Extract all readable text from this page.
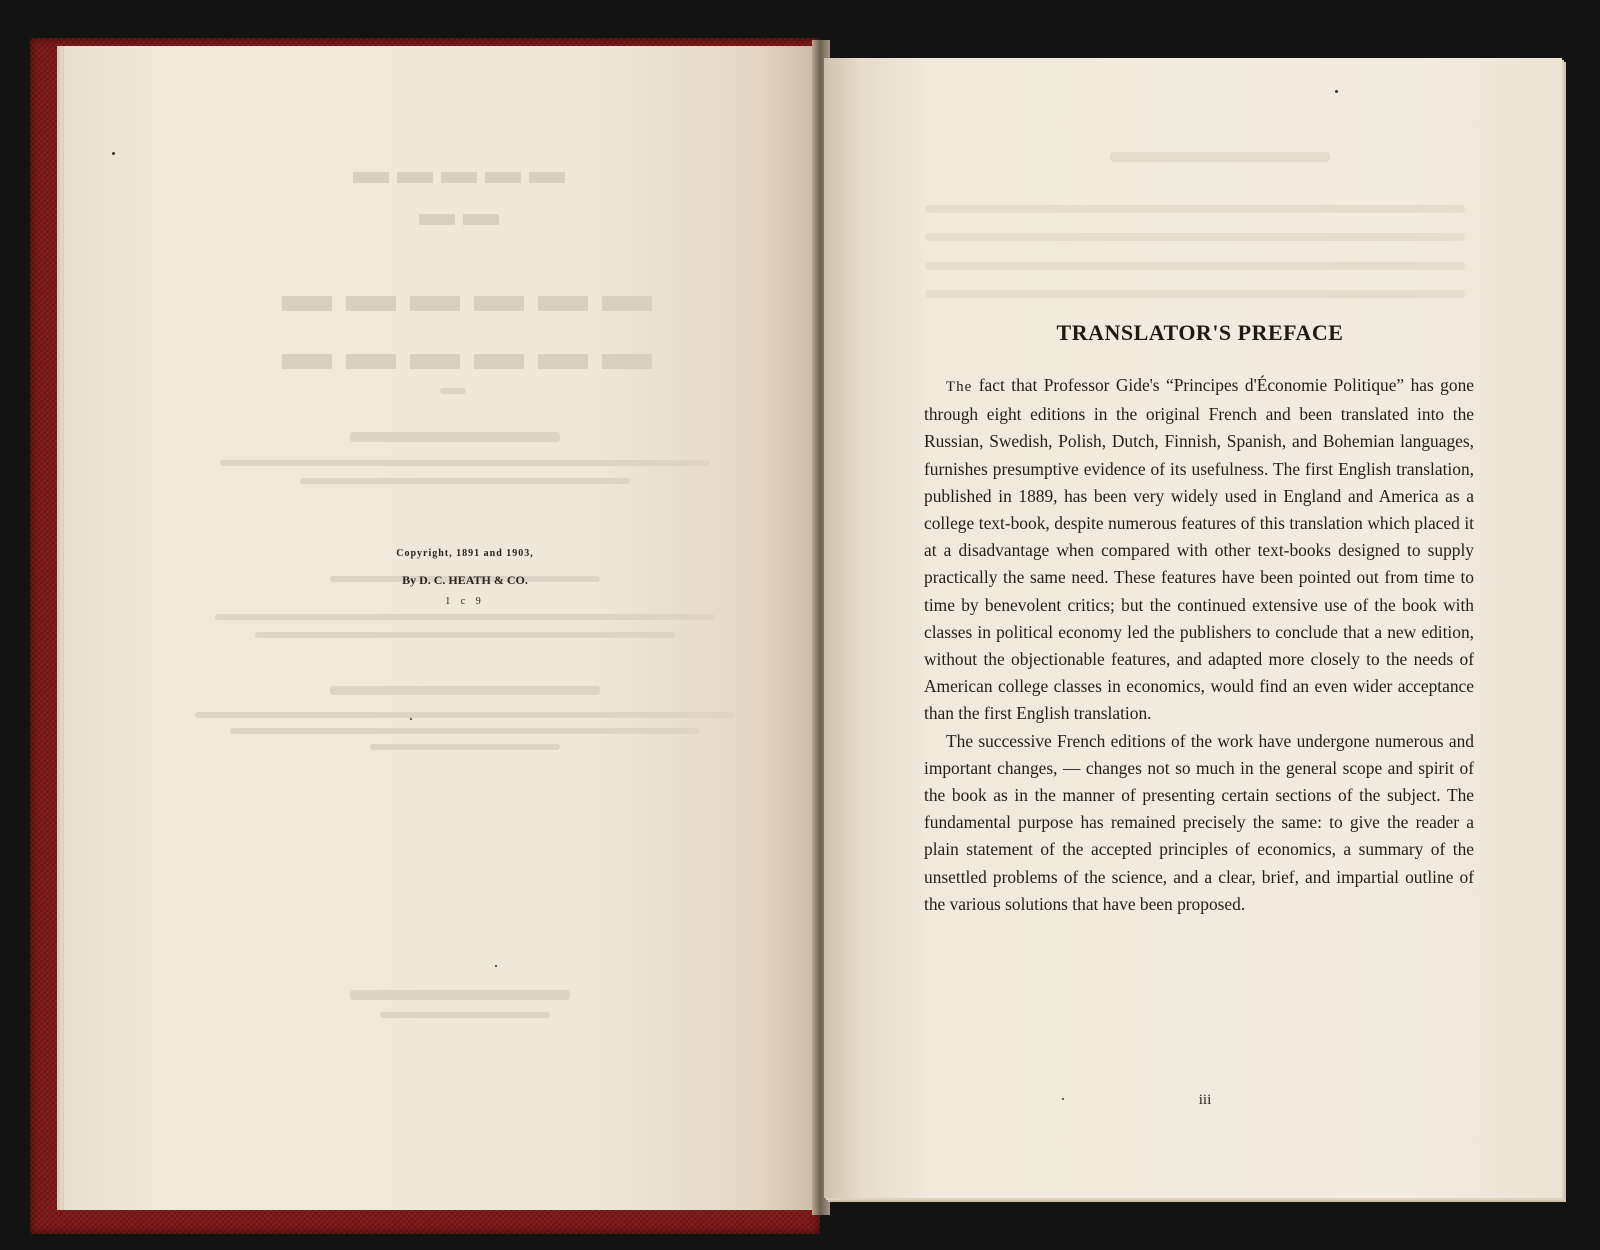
▬▬▬▬▬ ▬▬
▬▬▬▬▬▬ ▬▬▬▬▬▬
Copyright, 1891 and 1903,
By D. C. HEATH & CO.
1 c 9
TRANSLATOR'S PREFACE

The fact that Professor Gide's “Principes d'Économie Politique” has gone through eight editions in the original French and been translated into the Russian, Swedish, Polish, Dutch, Finnish, Spanish, and Bohemian languages, furnishes presumptive evidence of its usefulness. The first English translation, published in 1889, has been very widely used in England and America as a college text-book, despite numerous features of this translation which placed it at a disadvantage when compared with other text-books designed to supply practically the same need. These features have been pointed out from time to time by benevolent critics; but the continued extensive use of the book with classes in political economy led the publishers to conclude that a new edition, without the objectionable features, and adapted more closely to the needs of American college classes in economics, would find an even wider acceptance than the first English translation.

The successive French editions of the work have undergone numerous and important changes, — changes not so much in the general scope and spirit of the book as in the manner of presenting certain sections of the subject. The fundamental purpose has remained precisely the same: to give the reader a plain statement of the accepted principles of economics, a summary of the unsettled problems of the science, and a clear, brief, and impartial outline of the various solutions that have been proposed.

iii
